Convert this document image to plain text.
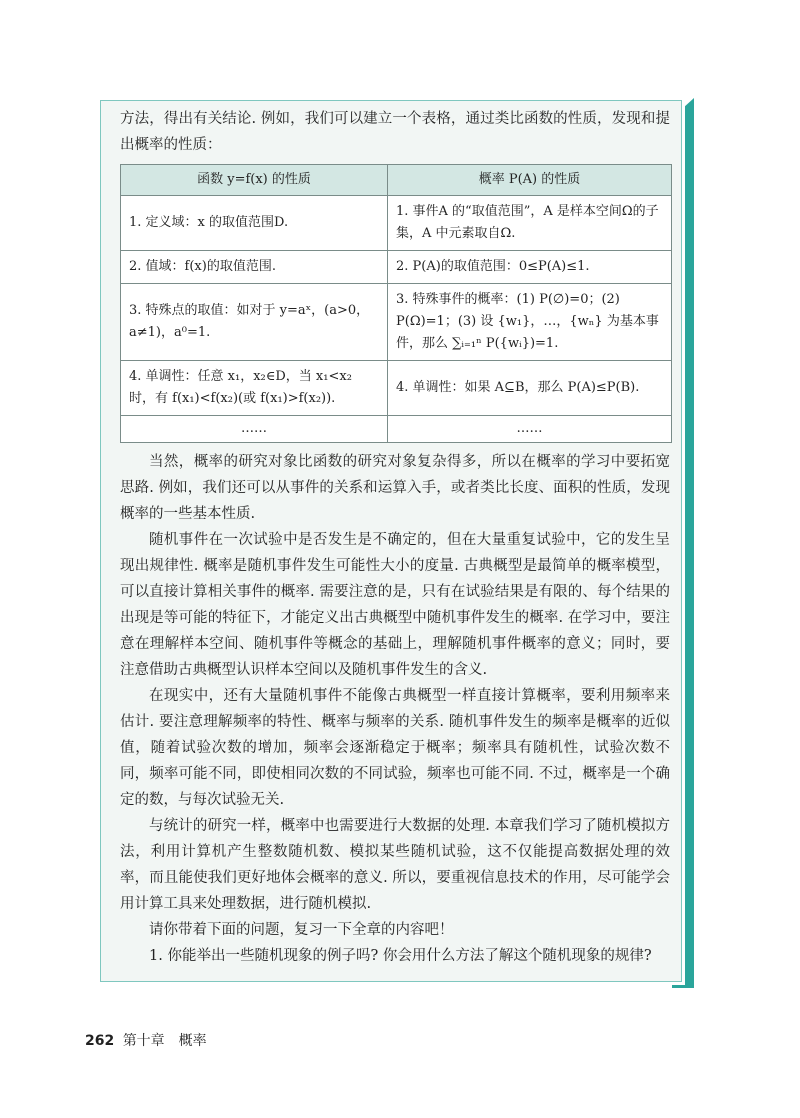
方法，得出有关结论. 例如，我们可以建立一个表格，通过类比函数的性质，发现和提出概率的性质：

函数 y=f(x) 的性质	概率 P(A) 的性质
1. 定义域：x 的取值范围D.	1. 事件A 的“取值范围”，A 是样本空间Ω的子集，A 中元素取自Ω.
2. 值域：f(x)的取值范围.	2. P(A)的取值范围：0≤P(A)≤1.
3. 特殊点的取值：如对于 y=aˣ，(a>0，a≠1)，a⁰=1.	3. 特殊事件的概率：(1) P(∅)=0；(2) P(Ω)=1；(3) 设 {w₁}，…，{wₙ} 为基本事件，那么 ∑ᵢ₌₁ⁿ P({wᵢ})=1.
4. 单调性：任意 x₁，x₂∈D，当 x₁<x₂ 时，有 f(x₁)<f(x₂)(或 f(x₁)>f(x₂)).	4. 单调性：如果 A⊆B，那么 P(A)≤P(B).
……	……

当然，概率的研究对象比函数的研究对象复杂得多，所以在概率的学习中要拓宽思路. 例如，我们还可以从事件的关系和运算入手，或者类比长度、面积的性质，发现概率的一些基本性质.

随机事件在一次试验中是否发生是不确定的，但在大量重复试验中，它的发生呈现出规律性. 概率是随机事件发生可能性大小的度量. 古典概型是最简单的概率模型，可以直接计算相关事件的概率. 需要注意的是，只有在试验结果是有限的、每个结果的出现是等可能的特征下，才能定义出古典概型中随机事件发生的概率. 在学习中，要注意在理解样本空间、随机事件等概念的基础上，理解随机事件概率的意义；同时，要注意借助古典概型认识样本空间以及随机事件发生的含义.

在现实中，还有大量随机事件不能像古典概型一样直接计算概率，要利用频率来估计. 要注意理解频率的特性、概率与频率的关系. 随机事件发生的频率是概率的近似值，随着试验次数的增加，频率会逐渐稳定于概率；频率具有随机性，试验次数不同，频率可能不同，即使相同次数的不同试验，频率也可能不同. 不过，概率是一个确定的数，与每次试验无关.

与统计的研究一样，概率中也需要进行大数据的处理. 本章我们学习了随机模拟方法，利用计算机产生整数随机数、模拟某些随机试验，这不仅能提高数据处理的效率，而且能使我们更好地体会概率的意义. 所以，要重视信息技术的作用，尽可能学会用计算工具来处理数据，进行随机模拟.

请你带着下面的问题，复习一下全章的内容吧！

1. 你能举出一些随机现象的例子吗? 你会用什么方法了解这个随机现象的规律?

262 第十章　概率
